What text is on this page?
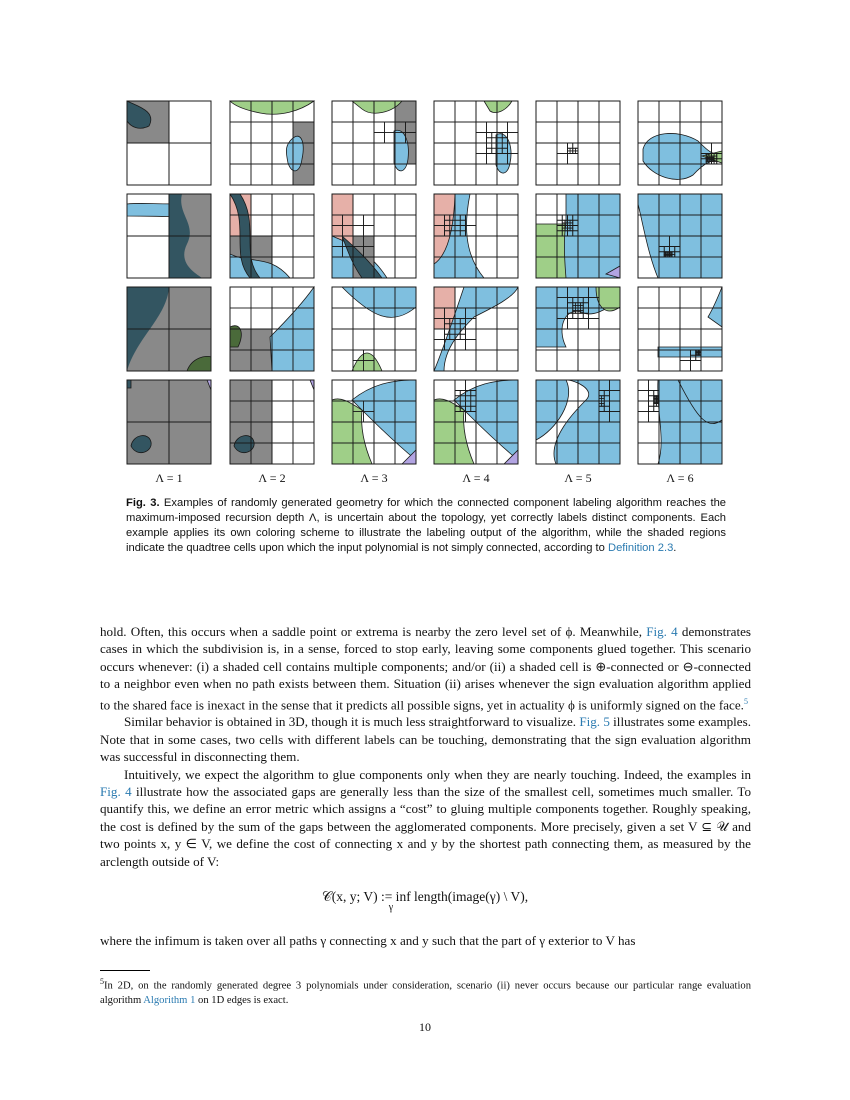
Λ = 1	Λ = 2	Λ = 3	Λ = 4	Λ = 5	Λ = 6
Fig. 3. Examples of randomly generated geometry for which the connected component labeling algorithm reaches the maximum-imposed recursion depth Λ, is uncertain about the topology, yet correctly labels distinct components. Each example applies its own coloring scheme to illustrate the labeling output of the algorithm, while the shaded regions indicate the quadtree cells upon which the input polynomial is not simply connected, according to Definition 2.3.

hold. Often, this occurs when a saddle point or extrema is nearby the zero level set of ϕ. Meanwhile, Fig. 4 demonstrates cases in which the subdivision is, in a sense, forced to stop early, leaving some components glued together. This scenario occurs whenever: (i) a shaded cell contains multiple components; and/or (ii) a shaded cell is ⊕-connected or ⊖-connected to a neighbor even when no path exists between them. Situation (ii) arises whenever the sign evaluation algorithm applied to the shared face is inexact in the sense that it predicts all possible signs, yet in actuality ϕ is uniformly signed on the face.$^5$

Similar behavior is obtained in 3D, though it is much less straightforward to visualize. Fig. 5 illustrates some examples. Note that in some cases, two cells with different labels can be touching, demonstrating that the sign evaluation algorithm was successful in disconnecting them.

Intuitively, we expect the algorithm to glue components only when they are nearly touching. Indeed, the examples in Fig. 4 illustrate how the associated gaps are generally less than the size of the smallest cell, sometimes much smaller. To quantify this, we define an error metric which assigns a “cost” to gluing multiple components together. Roughly speaking, the cost is defined by the sum of the gaps between the agglomerated components. More precisely, given a set V ⊆ 𝒰 and two points x, y ∈ V, we define the cost of connecting x and y by the shortest path connecting them, as measured by the arclength outside of V:

𝒞(x, y; V) := inf length(image(γ) \ V),
γ
where the infimum is taken over all paths γ connecting x and y such that the part of γ exterior to V has
$^5$In 2D, on the randomly generated degree 3 polynomials under consideration, scenario (ii) never occurs because our particular range evaluation algorithm Algorithm 1 on 1D edges is exact.
10
